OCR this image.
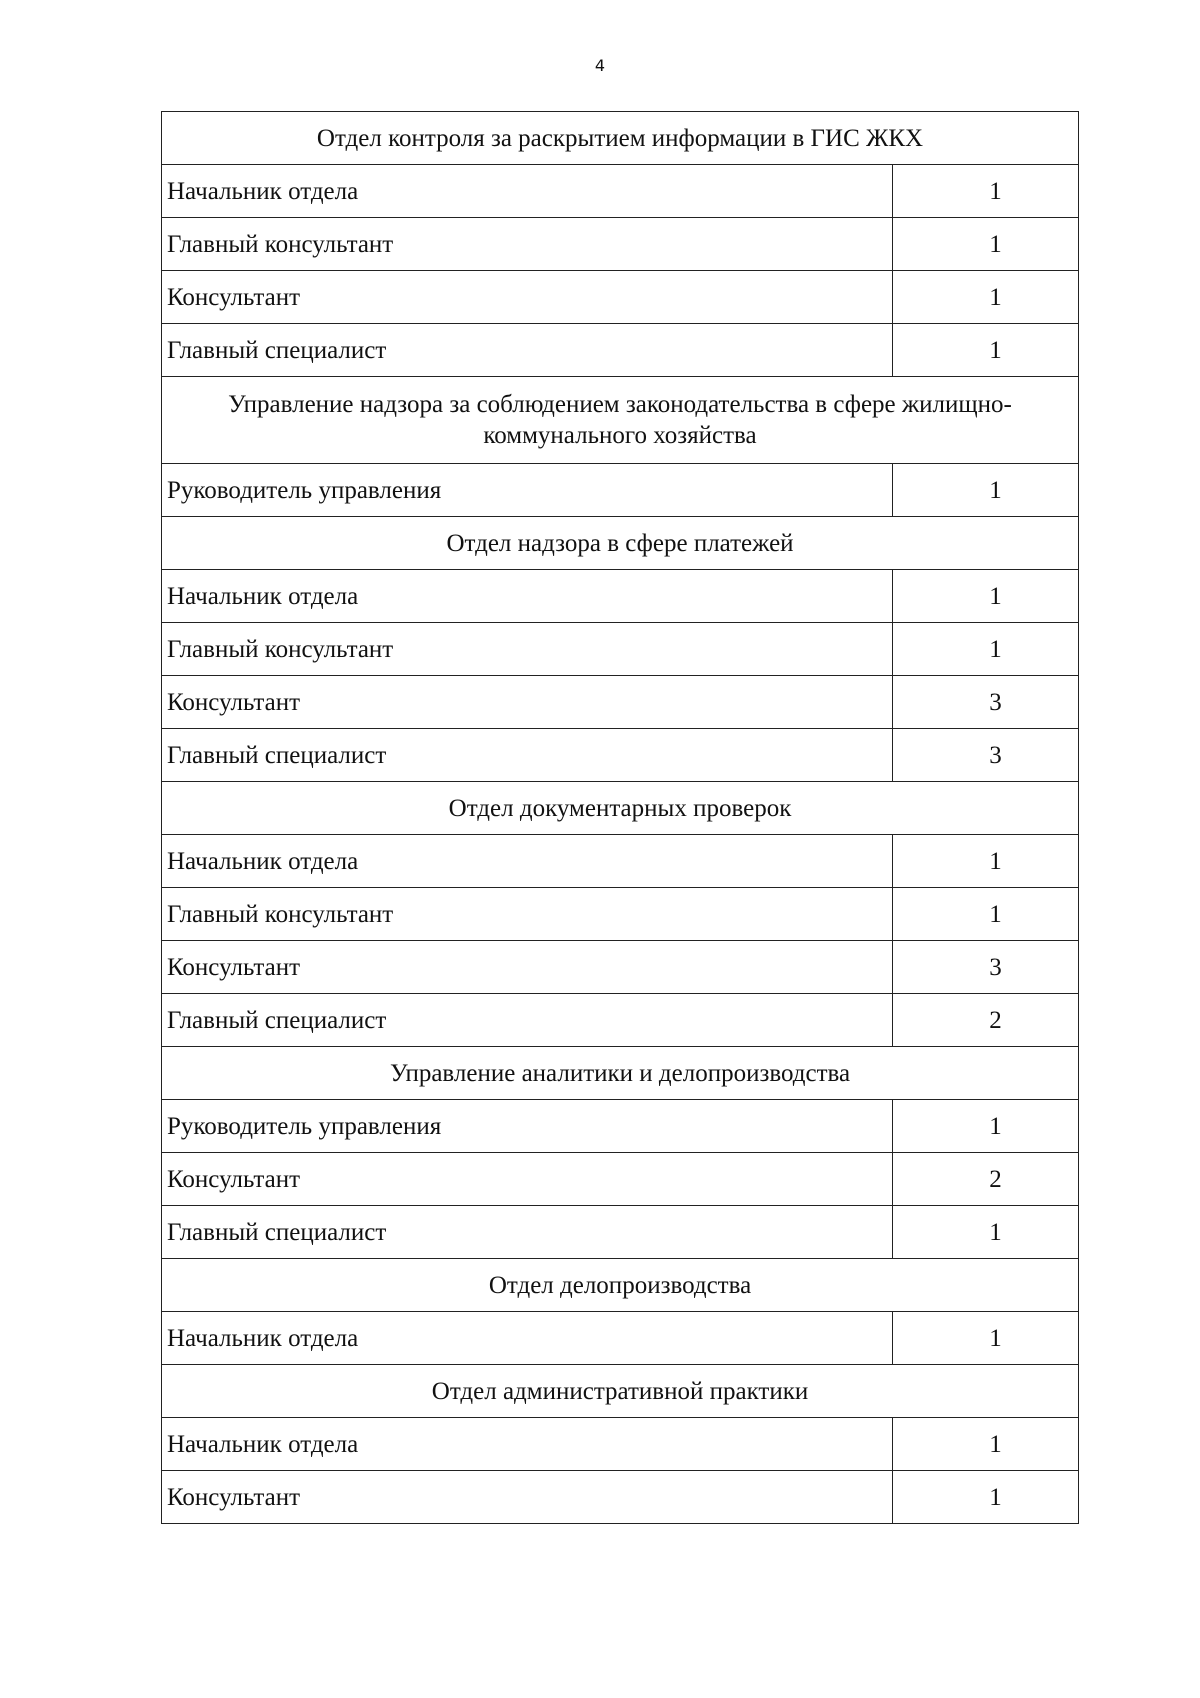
4
Отдел контроля за раскрытием информации в ГИС ЖКХ	
Начальник отдела	1
Главный консультант	1
Консультант	1
Главный специалист	1
Управление надзора за соблюдением законодательства в сфере жилищно-коммунального хозяйства	
Руководитель управления	1
Отдел надзора в сфере платежей	
Начальник отдела	1
Главный консультант	1
Консультант	3
Главный специалист	3
Отдел документарных проверок	
Начальник отдела	1
Главный консультант	1
Консультант	3
Главный специалист	2
Управление аналитики и делопроизводства	
Руководитель управления	1
Консультант	2
Главный специалист	1
Отдел делопроизводства	
Начальник отдела	1
Отдел административной практики	
Начальник отдела	1
Консультант	1
